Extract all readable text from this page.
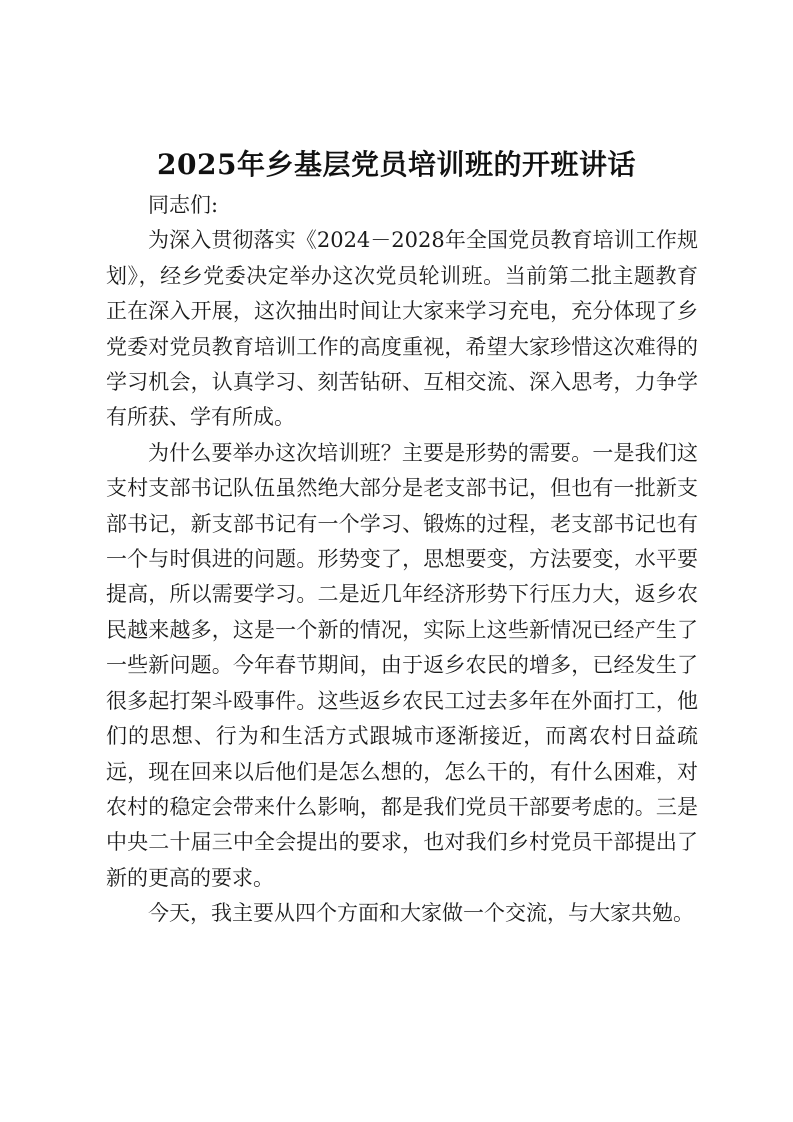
2025年乡基层党员培训班的开班讲话

同志们:

为深入贯彻落实《2024－2028年全国党员教育培训工作规划》，经乡党委决定举办这次党员轮训班。当前第二批主题教育正在深入开展，这次抽出时间让大家来学习充电，充分体现了乡党委对党员教育培训工作的高度重视，希望大家珍惜这次难得的学习机会，认真学习、刻苦钻研、互相交流、深入思考，力争学有所获、学有所成。

为什么要举办这次培训班？主要是形势的需要。一是我们这支村支部书记队伍虽然绝大部分是老支部书记，但也有一批新支部书记，新支部书记有一个学习、锻炼的过程，老支部书记也有一个与时俱进的问题。形势变了，思想要变，方法要变，水平要提高，所以需要学习。二是近几年经济形势下行压力大，返乡农民越来越多，这是一个新的情况，实际上这些新情况已经产生了一些新问题。今年春节期间，由于返乡农民的增多，已经发生了很多起打架斗殴事件。这些返乡农民工过去多年在外面打工，他们的思想、行为和生活方式跟城市逐渐接近，而离农村日益疏远，现在回来以后他们是怎么想的，怎么干的，有什么困难，对农村的稳定会带来什么影响，都是我们党员干部要考虑的。三是中央二十届三中全会提出的要求，也对我们乡村党员干部提出了新的更高的要求。

今天，我主要从四个方面和大家做一个交流，与大家共勉。
